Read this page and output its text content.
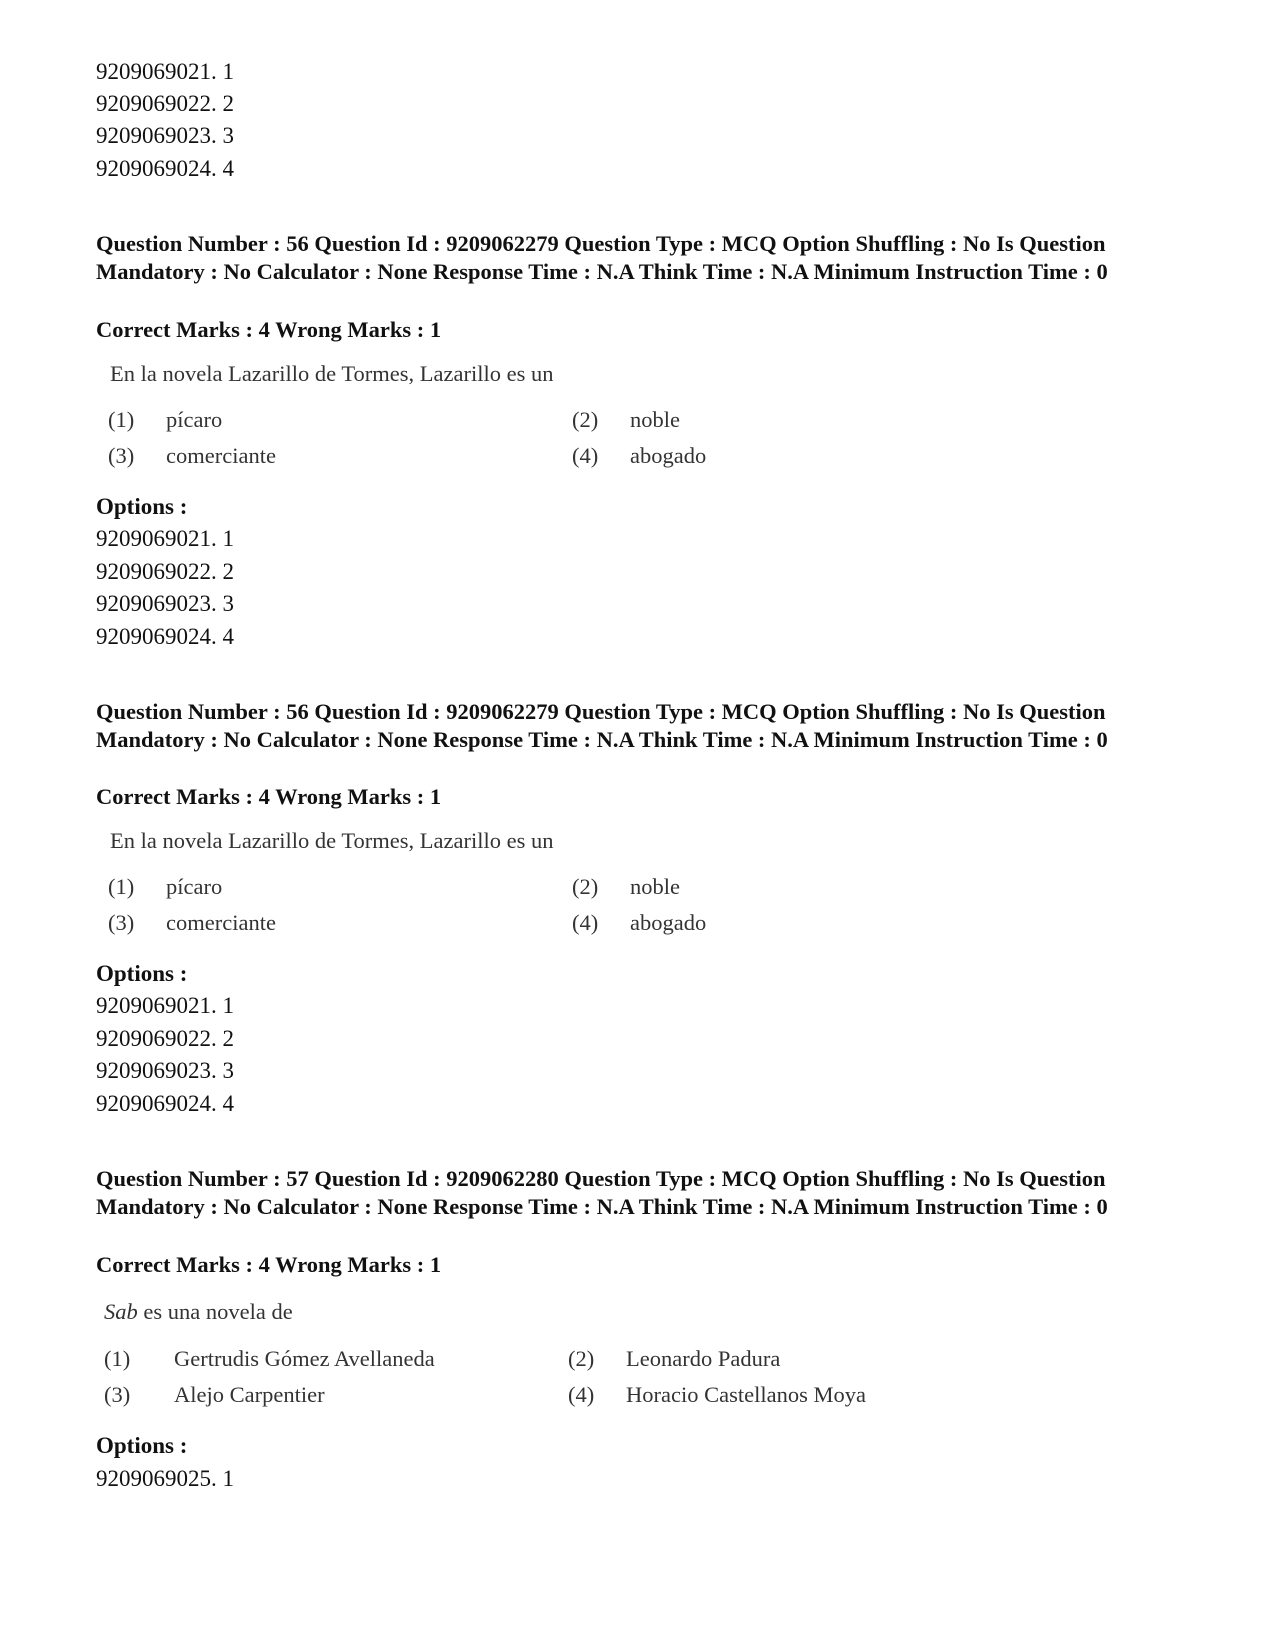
9209069021. 1
9209069022. 2
9209069023. 3
9209069024. 4
Question Number : 56 Question Id : 9209062279 Question Type : MCQ Option Shuffling : No Is Question Mandatory : No Calculator : None Response Time : N.A Think Time : N.A Minimum Instruction Time : 0
Correct Marks : 4 Wrong Marks : 1
En la novela Lazarillo de Tormes, Lazarillo es un
(1) pícaro	(2) noble
(3) comerciante	(4) abogado
Options :
9209069021. 1
9209069022. 2
9209069023. 3
9209069024. 4
Question Number : 56 Question Id : 9209062279 Question Type : MCQ Option Shuffling : No Is Question Mandatory : No Calculator : None Response Time : N.A Think Time : N.A Minimum Instruction Time : 0
Correct Marks : 4 Wrong Marks : 1
En la novela Lazarillo de Tormes, Lazarillo es un
(1) pícaro	(2) noble
(3) comerciante	(4) abogado
Options :
9209069021. 1
9209069022. 2
9209069023. 3
9209069024. 4
Question Number : 57 Question Id : 9209062280 Question Type : MCQ Option Shuffling : No Is Question Mandatory : No Calculator : None Response Time : N.A Think Time : N.A Minimum Instruction Time : 0
Correct Marks : 4 Wrong Marks : 1
Sab es una novela de
(1) Gertrudis Gómez Avellaneda	(2) Leonardo Padura
(3) Alejo Carpentier	(4) Horacio Castellanos Moya
Options :
9209069025. 1
